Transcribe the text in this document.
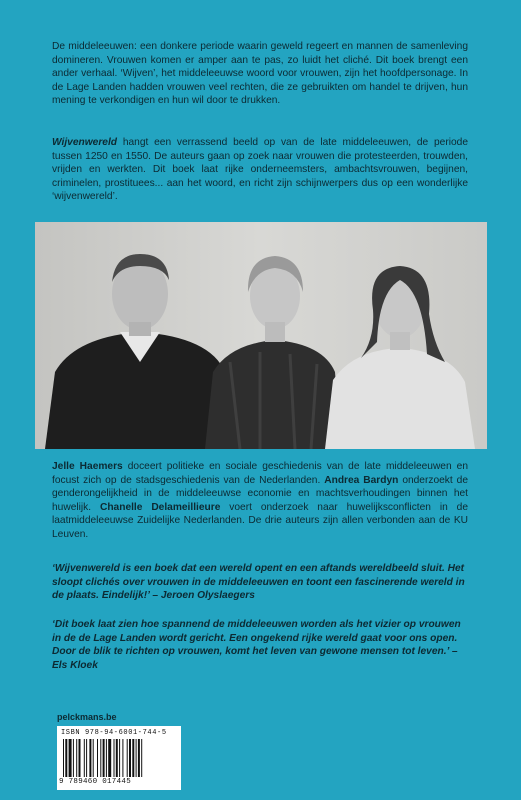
De middeleeuwen: een donkere periode waarin geweld regeert en mannen de samenleving domineren. Vrouwen komen er amper aan te pas, zo luidt het cliché. Dit boek brengt een ander verhaal. ‘Wijven’, het middeleeuwse woord voor vrouwen, zijn het hoofdpersonage. In de Lage Landen hadden vrouwen veel rechten, die ze gebruikten om handel te drijven, hun mening te verkondigen en hun wil door te drukken.

Wijvenwereld hangt een verrassend beeld op van de late middeleeuwen, de periode tussen 1250 en 1550. De auteurs gaan op zoek naar vrouwen die protesteerden, trouwden, vrijden en werkten. Dit boek laat rijke onderneemsters, ambachtsvrouwen, begijnen, criminelen, prostituees... aan het woord, en richt zijn schijnwerpers dus op een wonderlijke ‘wijvenwereld’.

Jelle Haemers doceert politieke en sociale geschiedenis van de late middeleeuwen en focust zich op de stadsgeschiedenis van de Nederlanden. Andrea Bardyn onderzoekt de genderongelijkheid in de middeleeuwse economie en machtsverhoudingen binnen het huwelijk. Chanelle Delameillieure voert onderzoek naar huwelijksconflicten in de laatmiddeleeuwse Zuidelijke Nederlanden. De drie auteurs zijn allen verbonden aan de KU Leuven.

‘Wijvenwereld is een boek dat een wereld opent en een aftands wereldbeeld sluit. Het sloopt clichés over vrouwen in de middeleeuwen en toont een fascinerende wereld in de plaats. Eindelijk!’ – Jeroen Olyslaegers

‘Dit boek laat zien hoe spannend de middeleeuwen worden als het vizier op vrouwen in de de Lage Landen wordt gericht. Een ongekend rijke wereld gaat voor ons open. Door de blik te richten op vrouwen, komt het leven van gewone mensen tot leven.’ – Els Kloek

pelckmans.be
ISBN 978-94-6001-744-5
9 789460 017445
